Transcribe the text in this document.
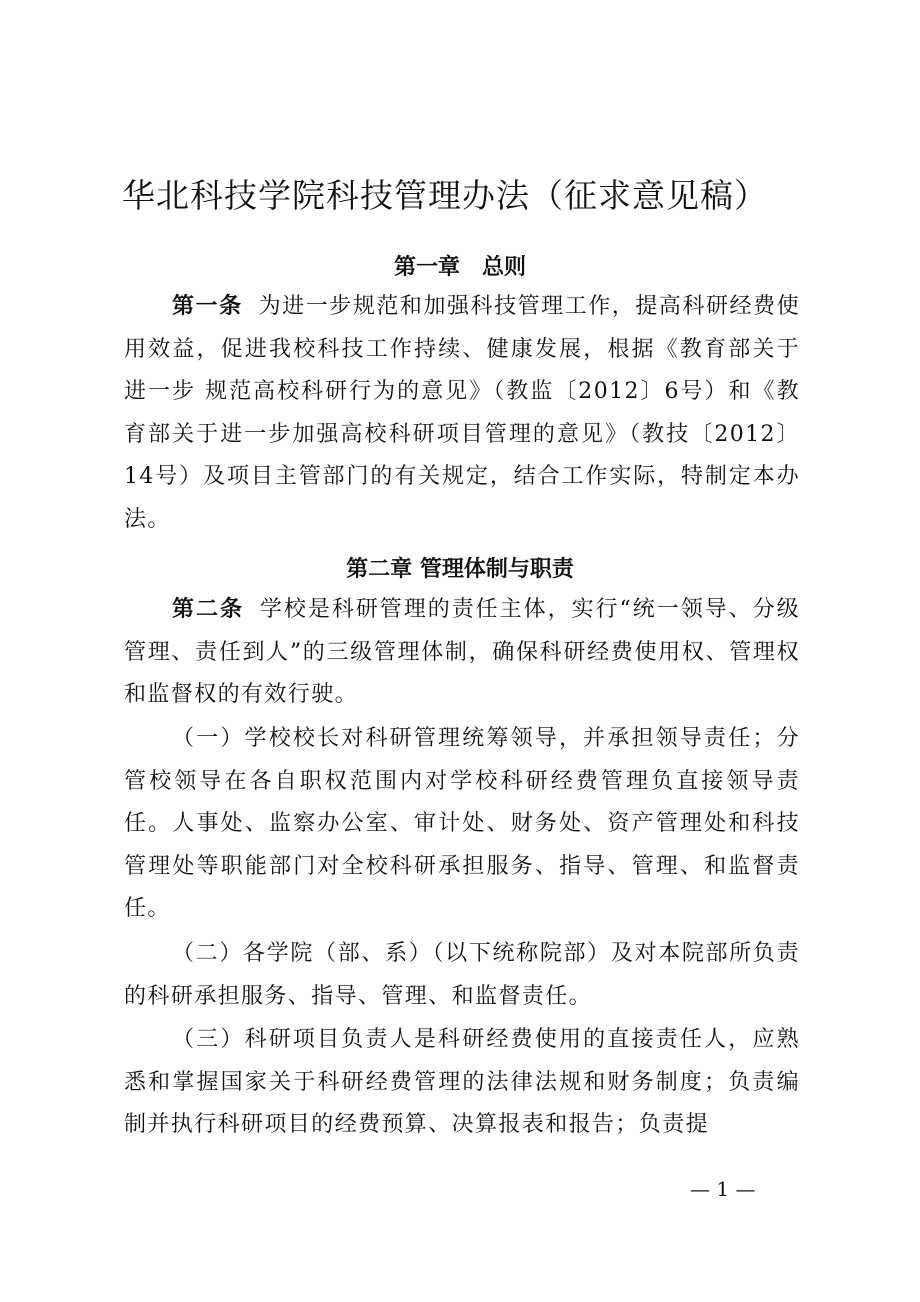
华北科技学院科技管理办法（征求意见稿）
第一章　总则
第一条 为进一步规范和加强科技管理工作，提高科研经费使用效益，促进我校科技工作持续、健康发展，根据《教育部关于进一步 规范高校科研行为的意见》（教监〔2012〕6号）和《教育部关于进一步加强高校科研项目管理的意见》（教技〔2012〕14号）及项目主管部门的有关规定，结合工作实际，特制定本办法。
第二章 管理体制与职责
第二条 学校是科研管理的责任主体，实行“统一领导、分级管理、责任到人”的三级管理体制，确保科研经费使用权、管理权和监督权的有效行驶。
（一）学校校长对科研管理统筹领导，并承担领导责任；分管校领导在各自职权范围内对学校科研经费管理负直接领导责任。人事处、监察办公室、审计处、财务处、资产管理处和科技管理处等职能部门对全校科研承担服务、指导、管理、和监督责任。
（二）各学院（部、系）（以下统称院部）及对本院部所负责的科研承担服务、指导、管理、和监督责任。
（三）科研项目负责人是科研经费使用的直接责任人，应熟悉和掌握国家关于科研经费管理的法律法规和财务制度；负责编制并执行科研项目的经费预算、决算报表和报告；负责提
— 1 —
